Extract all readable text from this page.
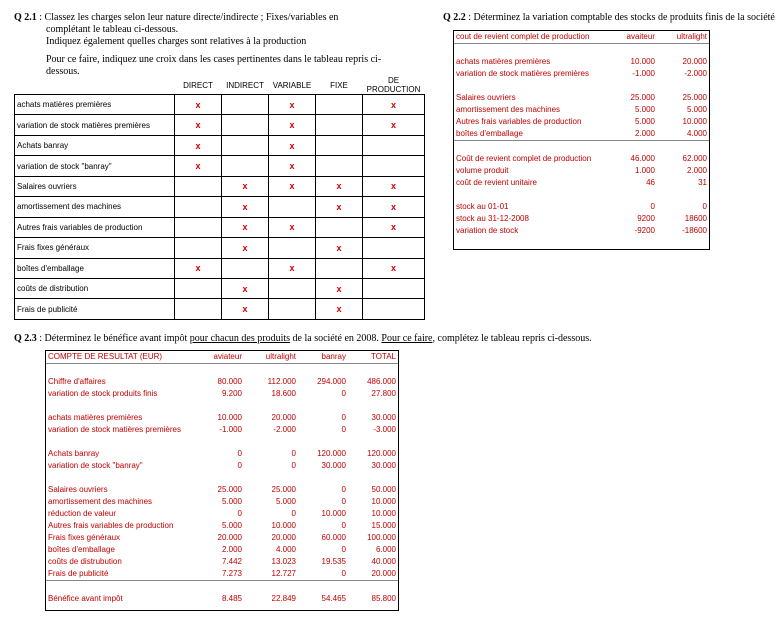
Q 2.1 : Classez les charges selon leur nature directe/indirecte ; Fixes/variables en
complétant le tableau ci-dessous.
Indiquez également quelles charges sont relatives à la production
Pour ce faire, indiquez une croix dans les cases pertinentes dans le tableau repris ci-
dessous.
	DIRECT	INDIRECT	VARIABLE	FIXE	DE PRODUCTION
achats matières premières	x		x		x
variation de stock matières premières	x		x		x
Achats banray	x		x		
variation de stock "banray"	x		x		
Salaires ouvriers		x	x	x	x
amortissement des machines		x		x	x
Autres frais variables de production		x	x		x
Frais fixes généraux		x		x	
boîtes d'emballage	x		x		x
coûts de distribution		x		x	
Frais de publicité		x		x	
Q 2.2 : Déterminez la variation comptable des stocks de produits finis de la société
cout de revient complet de production	avaiteur	ultralight

achats matières premières	10.000	20.000
variation de stock matières premières	-1.000	-2.000

Salaires ouvriers	25.000	25.000
amortissement des machines	5.000	5.000
Autres frais variables de production	5.000	10.000
boîtes d'emballage	2.000	4.000

Coût de revient complet de production	46.000	62.000
volume produit	1.000	2.000
coût de revient unitaire	46	31

stock au 01-01	0	0
stock au 31-12-2008	9200	18600
variation de stock	-9200	-18600
Q 2.3 : Déterminez le bénéfice avant impôt pour chacun des produits de la société en 2008. Pour ce faire, complétez le tableau repris ci-dessous.
COMPTE DE RESULTAT (EUR)	aviateur	ultralight	banray	TOTAL

Chiffre d'affaires	80.000	112.000	294.000	486.000
variation de stock produits finis	9.200	18.600	0	27.800

achats matières premières	10.000	20.000	0	30.000
variation de stock matières premières	-1.000	-2.000	0	-3.000

Achats banray	0	0	120.000	120.000
variation de stock "banray"	0	0	30.000	30.000

Salaires ouvriers	25.000	25.000	0	50.000
amortissement des machines	5.000	5.000	0	10.000
réduction de valeur	0	0	10.000	10.000
Autres frais variables de production	5.000	10.000	0	15.000
Frais fixes généraux	20.000	20.000	60.000	100.000
boîtes d'emballage	2.000	4.000	0	6.000
coûts de distrubution	7.442	13.023	19.535	40.000
Frais de publicité	7.273	12.727	0	20.000

Bénéfice avant impôt	8.485	22.849	54.465	85.800
